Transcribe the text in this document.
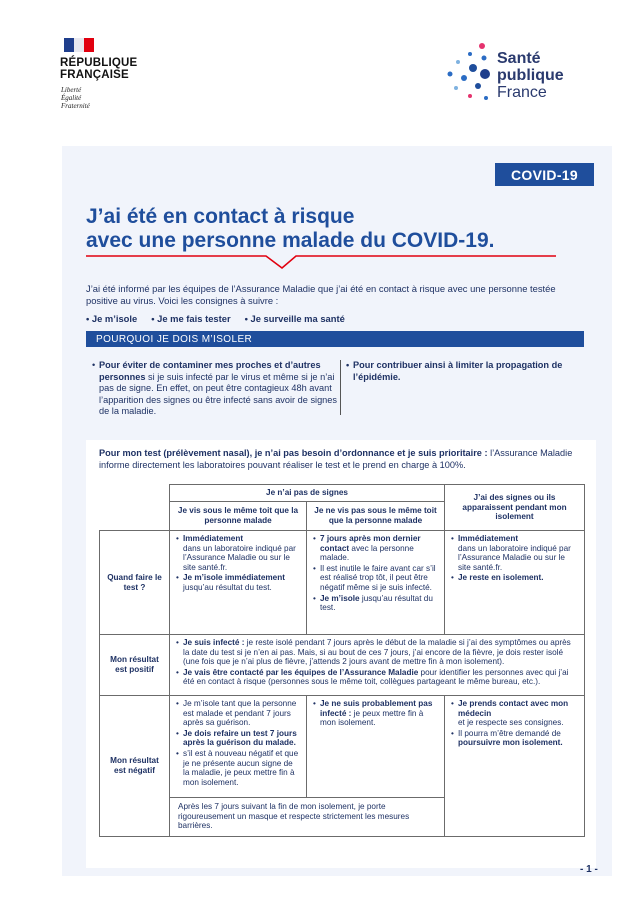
RÉPUBLIQUE FRANÇAISE
Liberté
Égalité
Fraternité
Santé
publique
France
COVID-19
J’ai été en contact à risque
avec une personne malade du COVID-19.
J’ai été informé par les équipes de l’Assurance Maladie que j’ai été en contact à risque avec une personne testée positive au virus. Voici les consignes à suivre :
• Je m’isole	• Je me fais tester	• Je surveille ma santé
POURQUOI JE DOIS M’ISOLER
• Pour éviter de contaminer mes proches et d’autres personnes si je suis infecté par le virus et même si je n’ai pas de signe. En effet, on peut être contagieux 48h avant l’apparition des signes ou être infecté sans avoir de signes de la maladie.
• Pour contribuer ainsi à limiter la propagation de l’épidémie.
Pour mon test (prélèvement nasal), je n’ai pas besoin d’ordonnance et je suis prioritaire : l’Assurance Maladie informe directement les laboratoires pouvant réaliser le test et le prend en charge à 100%.
Je n’ai pas de signes
J’ai des signes ou ils apparaissent pendant mon isolement
Je vis sous le même toit que la personne malade
Je ne vis pas sous le même toit que la personne malade
Quand faire le test ?
• Immédiatement
dans un laboratoire indiqué par l’Assurance Maladie ou sur le site santé.fr.
• Je m’isole immédiatement
jusqu’au résultat du test.
• 7 jours après mon dernier contact avec la personne malade.
• Il est inutile le faire avant car s’il est réalisé trop tôt, il peut être négatif même si je suis infecté.
• Je m’isole jusqu’au résultat du test.
• Immédiatement
dans un laboratoire indiqué par l’Assurance Maladie ou sur le site santé.fr.
• Je reste en isolement.
Mon résultat est positif
• Je suis infecté : je reste isolé pendant 7 jours après le début de la maladie si j’ai des symptômes ou après la date du test si je n’en ai pas. Mais, si au bout de ces 7 jours, j’ai encore de la fièvre, je dois rester isolé (une fois que je n’ai plus de fièvre, j’attends 2 jours avant de mettre fin à mon isolement).
• Je vais être contacté par les équipes de l’Assurance Maladie pour identifier les personnes avec qui j’ai été en contact à risque (personnes sous le même toit, collègues partageant le même bureau, etc.).
Mon résultat est négatif
• Je m’isole tant que la personne est malade et pendant 7 jours après sa guérison.
• Je dois refaire un test 7 jours après la guérison du malade.
• s’il est à nouveau négatif et que je ne présente aucun signe de la maladie, je peux mettre fin à mon isolement.
• Je ne suis probablement pas infecté : je peux mettre fin à mon isolement.
• Je prends contact avec mon médecin
et je respecte ses consignes.
• Il pourra m’être demandé de poursuivre mon isolement.
Après les 7 jours suivant la fin de mon isolement, je porte rigoureusement un masque et respecte strictement les mesures barrières.
- 1 -
